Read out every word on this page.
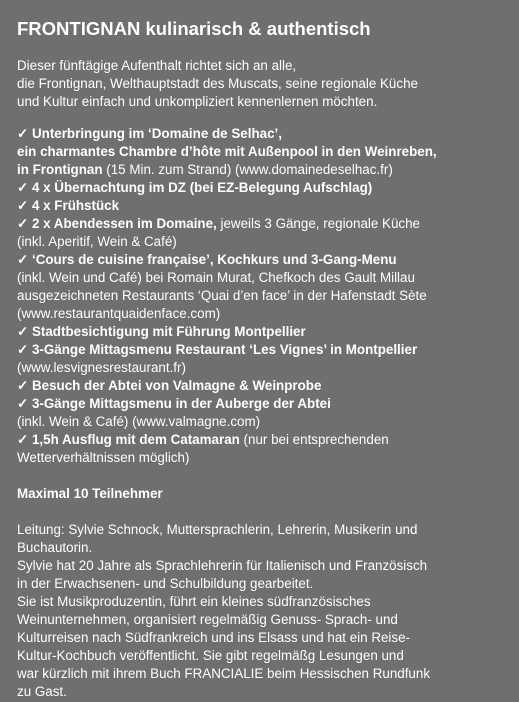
FRONTIGNAN kulinarisch & authentisch
Dieser fünftägige Aufenthalt richtet sich an alle,
die Frontignan, Welthauptstadt des Muscats, seine regionale Küche
und Kultur einfach und unkompliziert kennenlernen möchten.
✓ Unterbringung im ‘Domaine de Selhac’,
ein charmantes Chambre d’hôte mit Außenpool in den Weinreben,
in Frontignan (15 Min. zum Strand) (www.domainedeselhac.fr)
✓ 4 x Übernachtung im DZ (bei EZ-Belegung Aufschlag)
✓ 4 x Frühstück
✓ 2 x Abendessen im Domaine, jeweils 3 Gänge, regionale Küche
(inkl. Aperitif, Wein & Café)
✓ ‘Cours de cuisine française’, Kochkurs und 3-Gang-Menu
(inkl. Wein und Café) bei Romain Murat, Chefkoch des Gault Millau
ausgezeichneten Restaurants ‘Quai d’en face’ in der Hafenstadt Sète
(www.restaurantquaidenface.com)
✓ Stadtbesichtigung mit Führung Montpellier
✓ 3-Gänge Mittagsmenu Restaurant ‘Les Vignes’ in Montpellier
(www.lesvignesrestaurant.fr)
✓ Besuch der Abtei von Valmagne & Weinprobe
✓ 3-Gänge Mittagsmenu in der Auberge der Abtei
(inkl. Wein & Café) (www.valmagne.com)
✓ 1,5h Ausflug mit dem Catamaran (nur bei entsprechenden
Wetterverhältnissen möglich)
Maximal 10 Teilnehmer
Leitung: Sylvie Schnock, Muttersprachlerin, Lehrerin, Musikerin und
Buchautorin.
Sylvie hat 20 Jahre als Sprachlehrerin für Italienisch und Französisch
in der Erwachsenen- und Schulbildung gearbeitet.
Sie ist Musikproduzentin, führt ein kleines südfranzösisches
Weinunternehmen, organisiert regelmäßig Genuss- Sprach- und
Kulturreisen nach Südfrankreich und ins Elsass und hat ein Reise-
Kultur-Kochbuch veröffentlicht. Sie gibt regelmäßg Lesungen und
war kürzlich mit ihrem Buch FRANCIALIE beim Hessischen Rundfunk
zu Gast.
